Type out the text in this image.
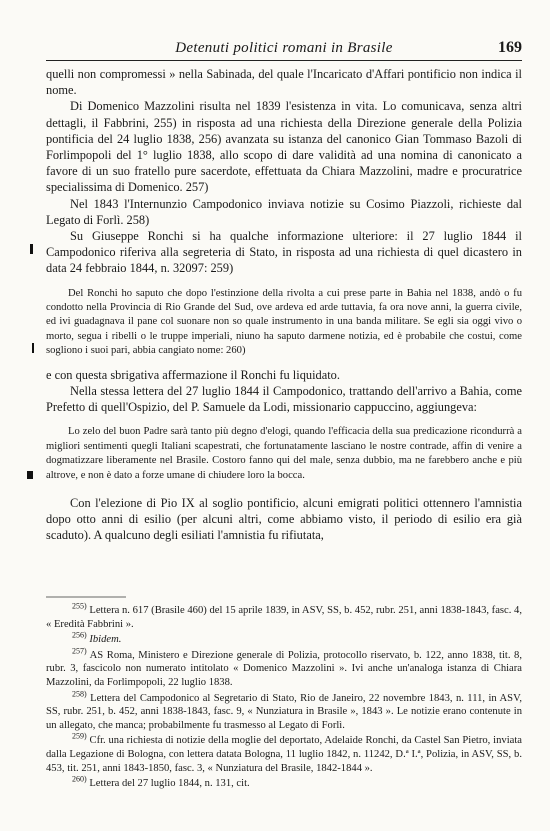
Detenuti politici romani in Brasile	169

quelli non compromessi » nella Sabinada, del quale l'Incaricato d'Affari pontificio non indica il nome.

Di Domenico Mazzolini risulta nel 1839 l'esistenza in vita. Lo comunicava, senza altri dettagli, il Fabbrini, 255) in risposta ad una richiesta della Direzione generale della Polizia pontificia del 24 luglio 1838, 256) avanzata su istanza del canonico Gian Tommaso Bazoli di Forlimpopoli del 1° luglio 1838, allo scopo di dare validità ad una nomina di canonicato a favore di un suo fratello pure sacerdote, effettuata da Chiara Mazzolini, madre e procuratrice specialissima di Domenico. 257)

Nel 1843 l'Internunzio Campodonico inviava notizie su Cosimo Piazzoli, richieste dal Legato di Forlì. 258)

Su Giuseppe Ronchi si ha qualche informazione ulteriore: il 27 luglio 1844 il Campodonico riferiva alla segreteria di Stato, in risposta ad una richiesta di quel dicastero in data 24 febbraio 1844, n. 32097: 259)

Del Ronchi ho saputo che dopo l'estinzione della rivolta a cui prese parte in Bahia nel 1838, andò o fu condotto nella Provincia di Rio Grande del Sud, ove ardeva ed arde tuttavia, fa ora nove anni, la guerra civile, ed ivi guadagnava il pane col suonare non so quale instrumento in una banda militare. Se egli sia oggi vivo o morto, segua i ribelli o le truppe imperiali, niuno ha saputo darmene notizia, ed è probabile che costui, come sogliono i suoi pari, abbia cangiato nome: 260)

e con questa sbrigativa affermazione il Ronchi fu liquidato.

Nella stessa lettera del 27 luglio 1844 il Campodonico, trattando dell'arrivo a Bahia, come Prefetto di quell'Ospizio, del P. Samuele da Lodi, missionario cappuccino, aggiungeva:

Lo zelo del buon Padre sarà tanto più degno d'elogi, quando l'efficacia della sua predicazione ricondurrà a migliori sentimenti quegli Italiani scapestrati, che fortunatamente lasciano le nostre contrade, affin di venire a dogmatizzare liberamente nel Brasile. Costoro fanno qui del male, senza dubbio, ma ne farebbero anche e più altrove, e non è dato a forze umane di chiudere loro la bocca.

Con l'elezione di Pio IX al soglio pontificio, alcuni emigrati politici ottennero l'amnistia dopo otto anni di esilio (per alcuni altri, come abbiamo visto, il periodo di esilio era già scaduto). A qualcuno degli esiliati l'amnistia fu rifiutata,

$^{255)}$ Lettera n. 617 (Brasile 460) del 15 aprile 1839, in ASV, SS, b. 452, rubr. 251, anni 1838-1843, fasc. 4, « Eredità Fabbrini ».

$^{256)}$ Ibidem.

$^{257)}$ AS Roma, Ministero e Direzione generale di Polizia, protocollo riservato, b. 122, anno 1838, tit. 8, rubr. 3, fascicolo non numerato intitolato « Domenico Mazzolini ». Ivi anche un'analoga istanza di Chiara Mazzolini, da Forlimpopoli, 22 luglio 1838.

$^{258)}$ Lettera del Campodonico al Segretario di Stato, Rio de Janeiro, 22 novembre 1843, n. 111, in ASV, SS, rubr. 251, b. 452, anni 1838-1843, fasc. 9, « Nunziatura in Brasile », 1843 ». Le notizie erano contenute in un allegato, che manca; probabilmente fu trasmesso al Legato di Forlì.

$^{259)}$ Cfr. una richiesta di notizie della moglie del deportato, Adelaide Ronchi, da Castel San Pietro, inviata dalla Legazione di Bologna, con lettera datata Bologna, 11 luglio 1842, n. 11242, D.ª I.ª, Polizia, in ASV, SS, b. 453, tit. 251, anni 1843-1850, fasc. 3, « Nunziatura del Brasile, 1842-1844 ».

$^{260)}$ Lettera del 27 luglio 1844, n. 131, cit.
